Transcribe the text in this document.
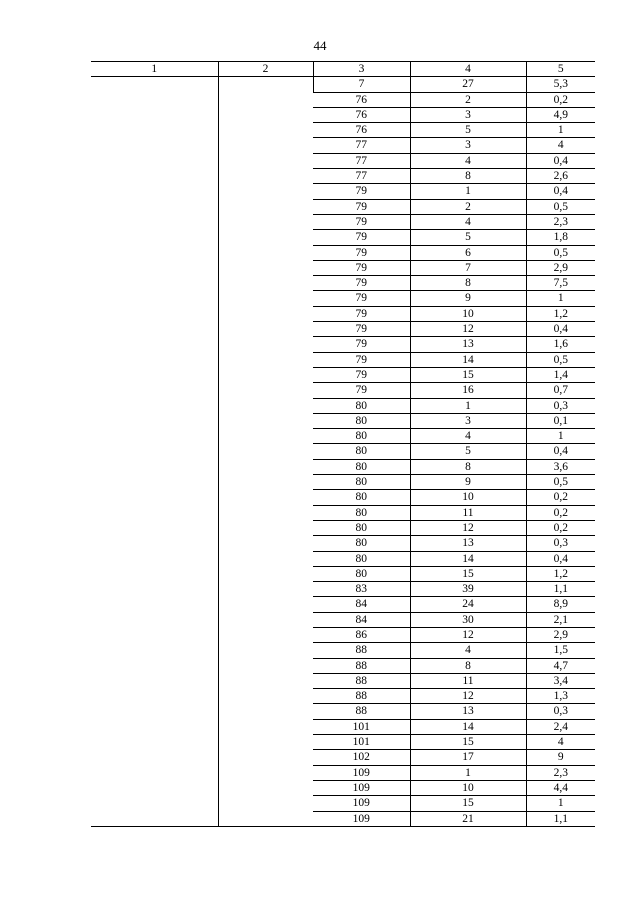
44
1	2	3	4	5
		7	27	5,3
		76	2	0,2
		76	3	4,9
		76	5	1
		77	3	4
		77	4	0,4
		77	8	2,6
		79	1	0,4
		79	2	0,5
		79	4	2,3
		79	5	1,8
		79	6	0,5
		79	7	2,9
		79	8	7,5
		79	9	1
		79	10	1,2
		79	12	0,4
		79	13	1,6
		79	14	0,5
		79	15	1,4
		79	16	0,7
		80	1	0,3
		80	3	0,1
		80	4	1
		80	5	0,4
		80	8	3,6
		80	9	0,5
		80	10	0,2
		80	11	0,2
		80	12	0,2
		80	13	0,3
		80	14	0,4
		80	15	1,2
		83	39	1,1
		84	24	8,9
		84	30	2,1
		86	12	2,9
		88	4	1,5
		88	8	4,7
		88	11	3,4
		88	12	1,3
		88	13	0,3
		101	14	2,4
		101	15	4
		102	17	9
		109	1	2,3
		109	10	4,4
		109	15	1
		109	21	1,1
